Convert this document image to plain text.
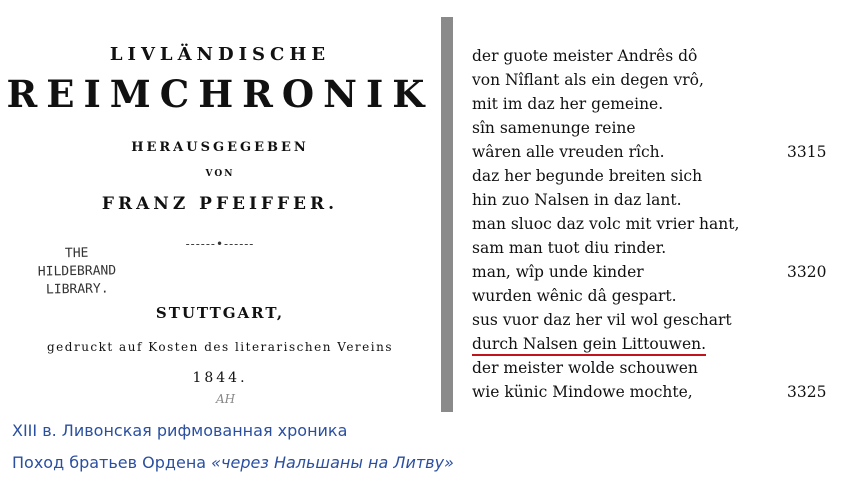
LIVLÄNDISCHE
REIMCHRONIK
HERAUSGEGEBEN
VON
FRANZ PFEIFFER.
------•------
THE
HILDEBRAND
LIBRARY.
STUTTGART,
gedruckt auf Kosten des literarischen Vereins
1844.
AH
der guote meister Andrês dô
von Nîflant als ein degen vrô,
mit im daz her gemeine.
sîn samenunge reine
wâren alle vreuden rîch.	3315
daz her begunde breiten sich
hin zuo Nalsen in daz lant.
man sluoc daz volc mit vrier hant,
sam man tuot diu rinder.
man, wîp unde kinder	3320
wurden wênic dâ gespart.
sus vuor daz her vil wol geschart
durch Nalsen gein Littouwen.
der meister wolde schouwen
wie künic Mindowe mochte,	3325
XIII в. Ливонская рифмованная хроника
Поход братьев Ордена «через Нальшаны на Литву»
